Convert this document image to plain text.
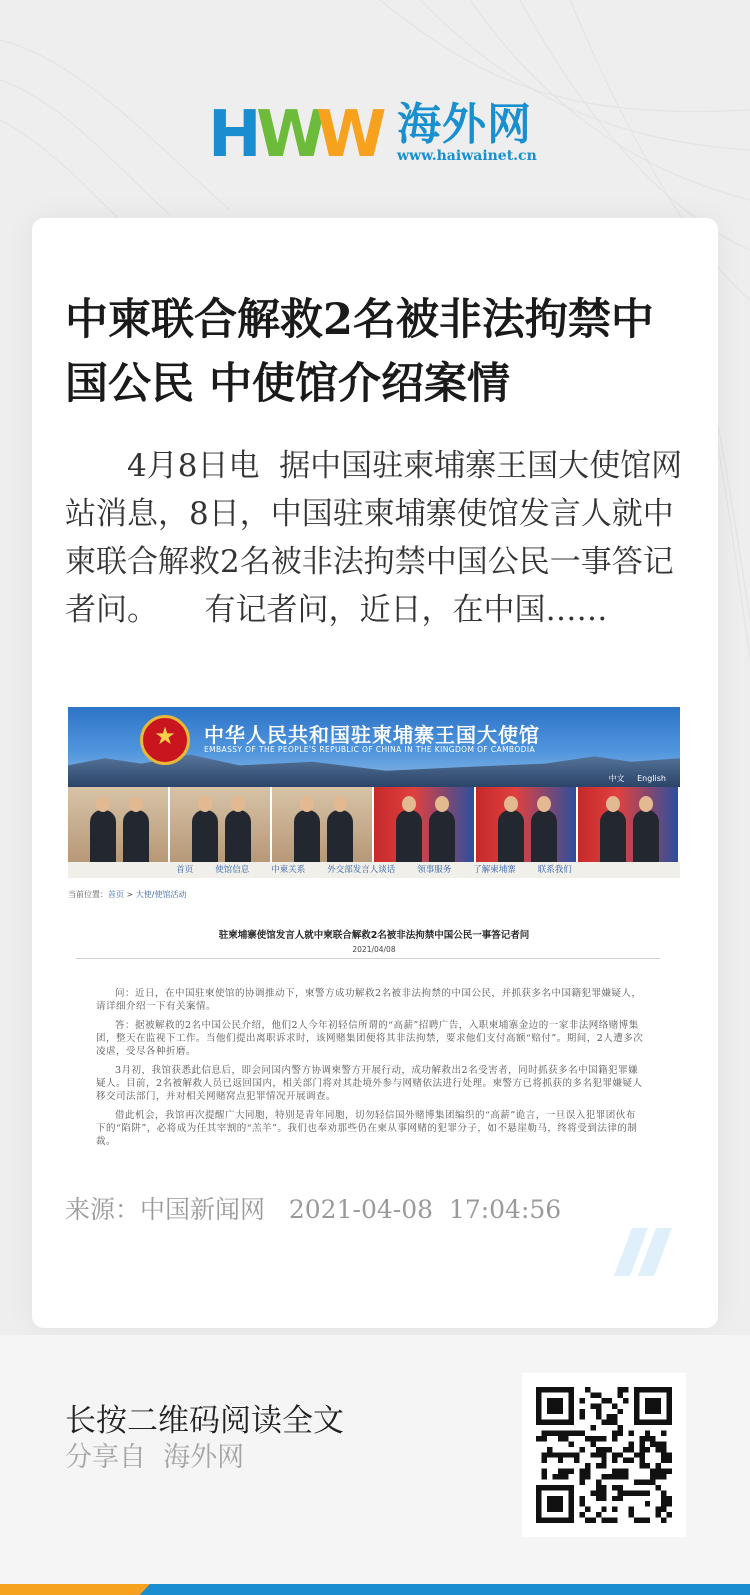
H
W
W 海外网
www.haiwainet.cn
中柬联合解救2名被非法拘禁中国公民 中使馆介绍案情
　　4月8日电  据中国驻柬埔寨王国大使馆网站消息，8日，中国驻柬埔寨使馆发言人就中柬联合解救2名被非法拘禁中国公民一事答记者问。　　有记者问，近日，在中国……
★
中华人民共和国驻柬埔寨王国大使馆
EMBASSY OF THE PEOPLE'S REPUBLIC OF CHINA IN THE KINGDOM OF CAMBODIA
中文 English
首页	使馆信息	中柬关系	外交部发言人谈话	领事服务	了解柬埔寨	联系我们
当前位置：首页 > 大使/使馆活动
驻柬埔寨使馆发言人就中柬联合解救2名被非法拘禁中国公民一事答记者问
2021/04/08

问：近日，在中国驻柬使馆的协调推动下，柬警方成功解救2名被非法拘禁的中国公民，并抓获多名中国籍犯罪嫌疑人，请详细介绍一下有关案情。

答：据被解救的2名中国公民介绍，他们2人今年初轻信所谓的“高薪”招聘广告，入职柬埔寨金边的一家非法网络赌博集团，整天在监视下工作。当他们提出离职诉求时，该网赌集团便将其非法拘禁，要求他们支付高额“赔付”。期间，2人遭多次凌虐，受尽各种折磨。

3月初，我馆获悉此信息后，即会同国内警方协调柬警方开展行动，成功解救出2名受害者，同时抓获多名中国籍犯罪嫌疑人。目前，2名被解救人员已返回国内，相关部门将对其赴境外参与网赌依法进行处理。柬警方已将抓获的多名犯罪嫌疑人移交司法部门，并对相关网赌窝点犯罪情况开展调查。

借此机会，我馆再次提醒广大同胞，特别是青年同胞，切勿轻信国外赌博集团编织的“高薪”诡言，一旦误入犯罪团伙布下的“陷阱”，必将成为任其宰割的“羔羊”。我们也奉劝那些仍在柬从事网赌的犯罪分子，如不悬崖勒马，终将受到法律的制裁。

来源：中国新闻网 2021-04-08  17:04:56
长按二维码阅读全文
分享自 海外网
